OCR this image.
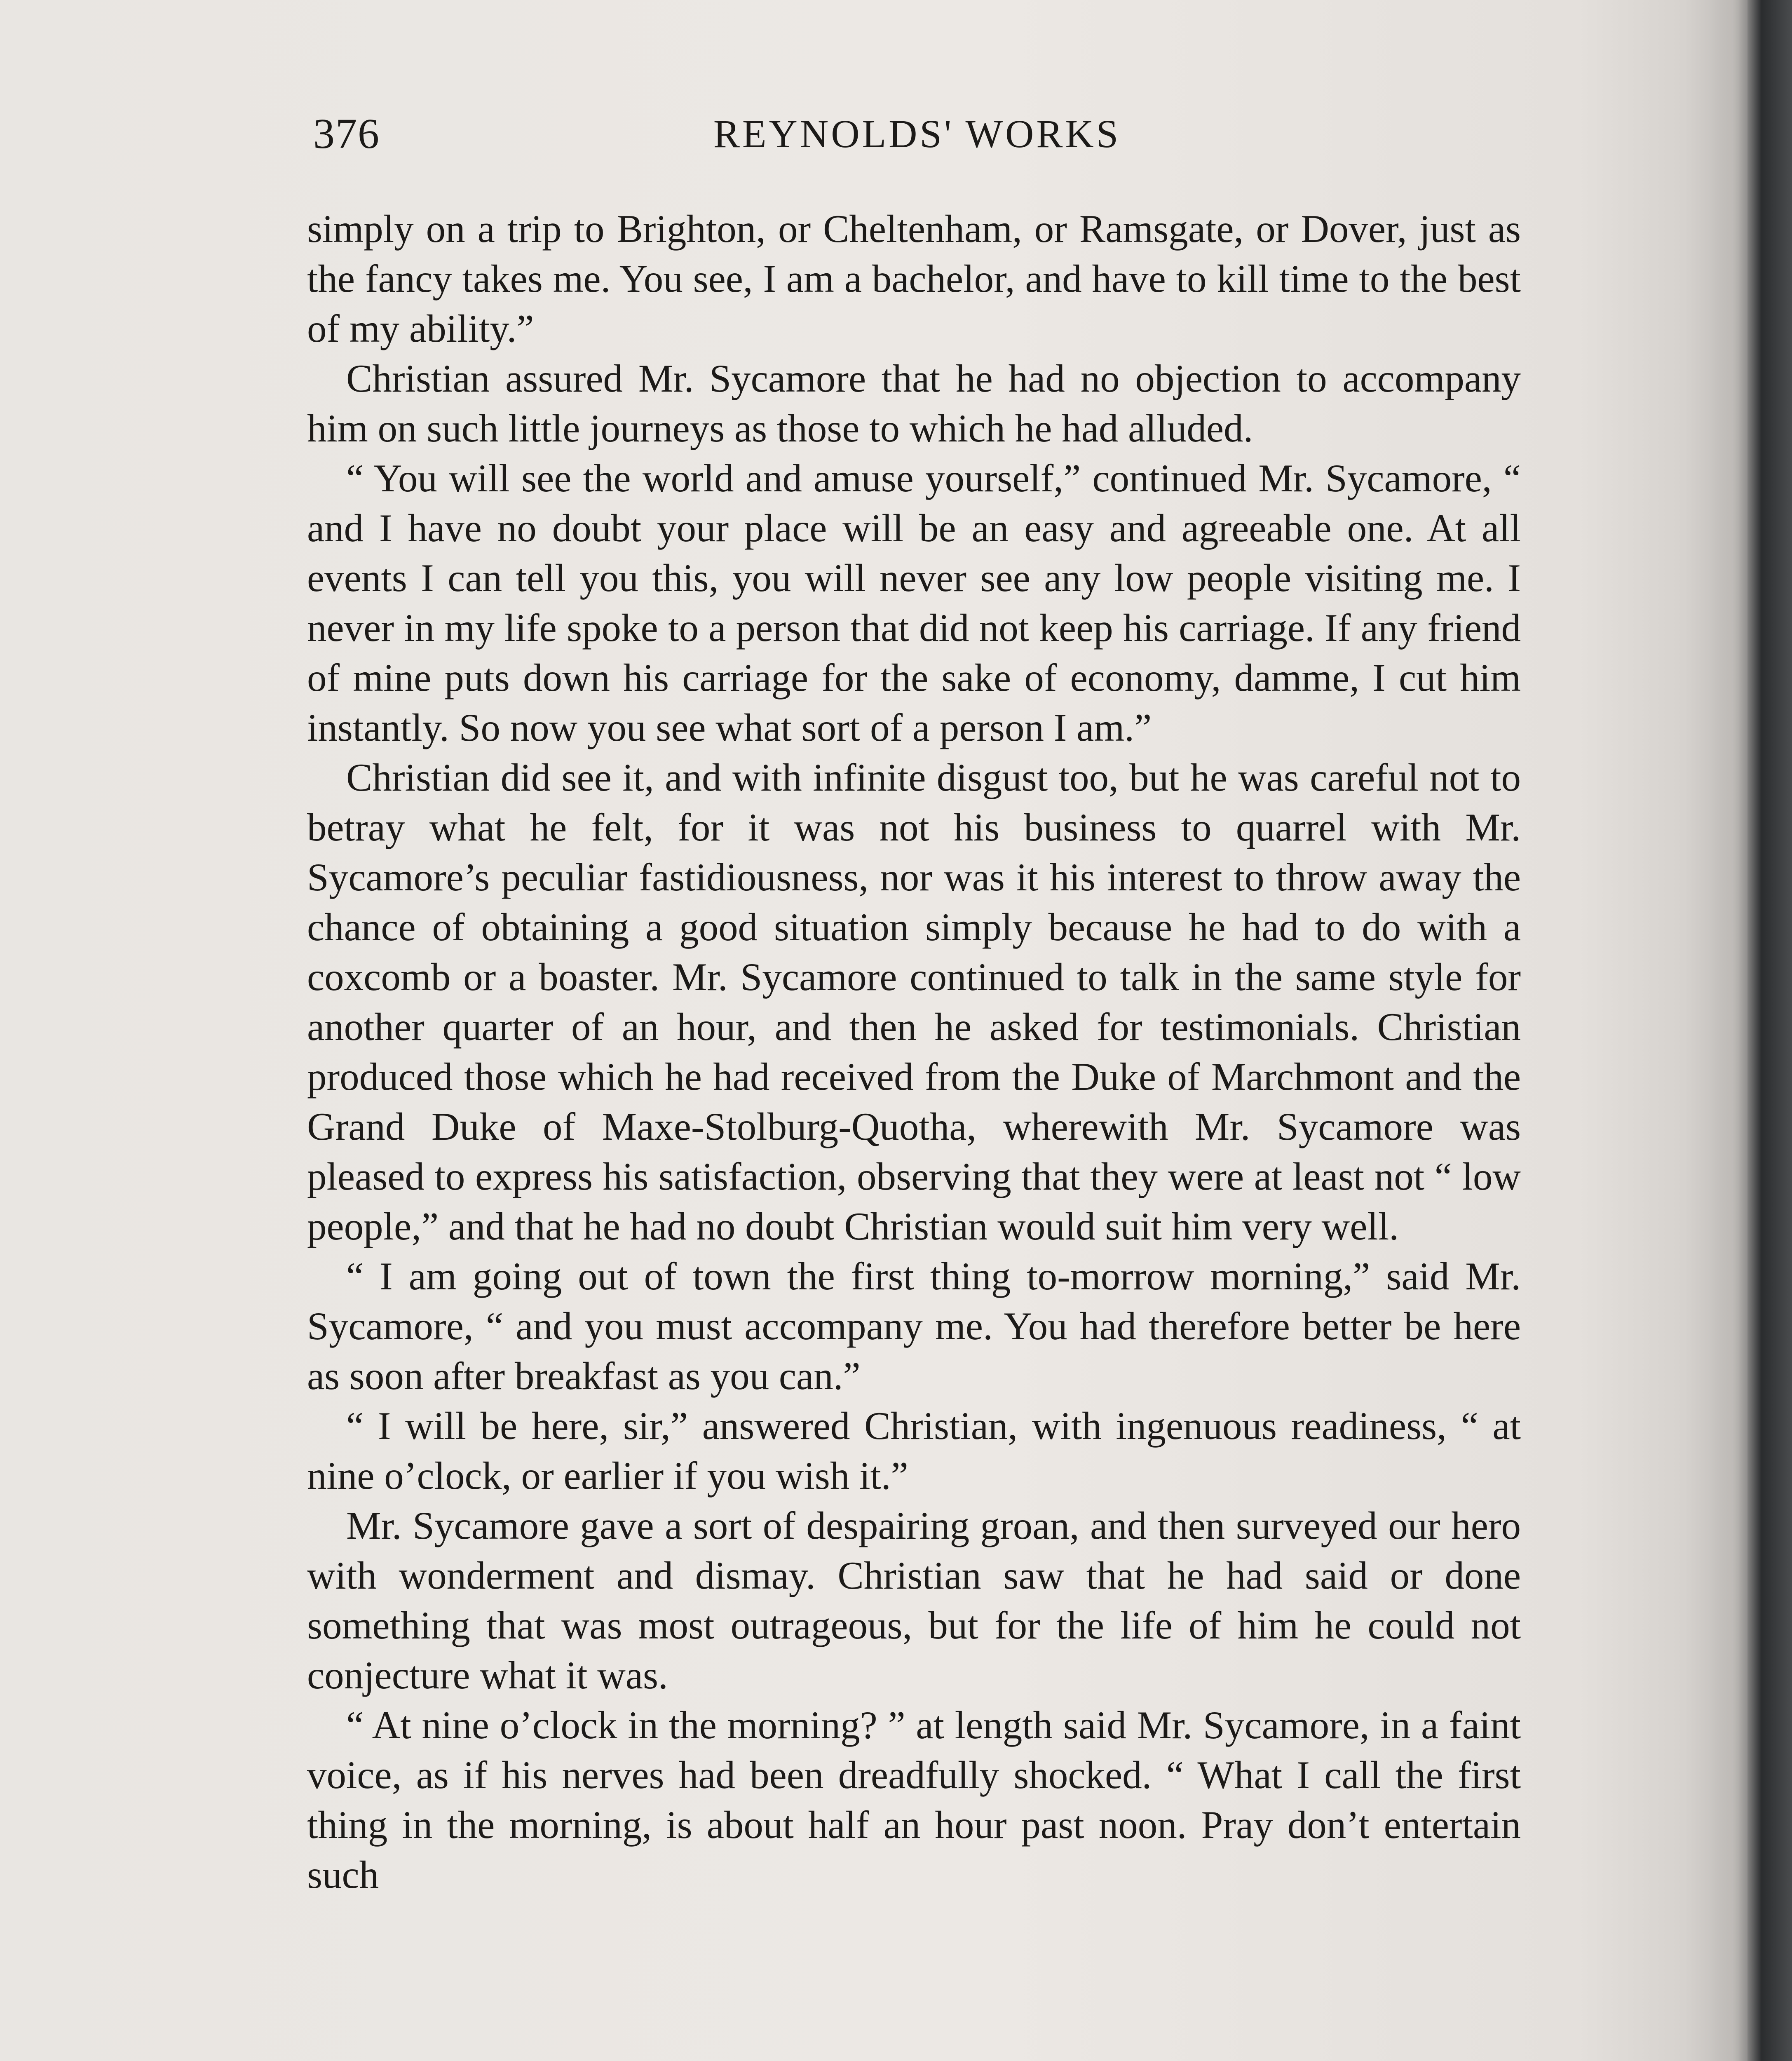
376	REYNOLDS' WORKS

simply on a trip to Brighton, or Cheltenham, or Ramsgate, or Dover, just as the fancy takes me. You see, I am a bachelor, and have to kill time to the best of my ability.”

Christian assured Mr. Sycamore that he had no objection to accompany him on such little journeys as those to which he had alluded.

“ You will see the world and amuse yourself,” continued Mr. Sycamore, “ and I have no doubt your place will be an easy and agreeable one. At all events I can tell you this, you will never see any low people visiting me. I never in my life spoke to a person that did not keep his carriage. If any friend of mine puts down his carriage for the sake of economy, damme, I cut him instantly. So now you see what sort of a person I am.”

Christian did see it, and with infinite disgust too, but he was careful not to betray what he felt, for it was not his business to quarrel with Mr. Sycamore’s peculiar fastidiousness, nor was it his interest to throw away the chance of obtaining a good situation simply because he had to do with a coxcomb or a boaster. Mr. Sycamore continued to talk in the same style for another quarter of an hour, and then he asked for testimonials. Christian produced those which he had received from the Duke of Marchmont and the Grand Duke of Maxe-Stolburg-Quotha, wherewith Mr. Sycamore was pleased to express his satisfaction, observing that they were at least not “ low people,” and that he had no doubt Christian would suit him very well.

“ I am going out of town the first thing to-morrow morning,” said Mr. Sycamore, “ and you must accompany me. You had therefore better be here as soon after breakfast as you can.”

“ I will be here, sir,” answered Christian, with ingenuous readiness, “ at nine o’clock, or earlier if you wish it.”

Mr. Sycamore gave a sort of despairing groan, and then surveyed our hero with wonderment and dismay. Christian saw that he had said or done something that was most outrageous, but for the life of him he could not conjecture what it was.

“ At nine o’clock in the morning? ” at length said Mr. Sycamore, in a faint voice, as if his nerves had been dreadfully shocked. “ What I call the first thing in the morning, is about half an hour past noon. Pray don’t entertain such
